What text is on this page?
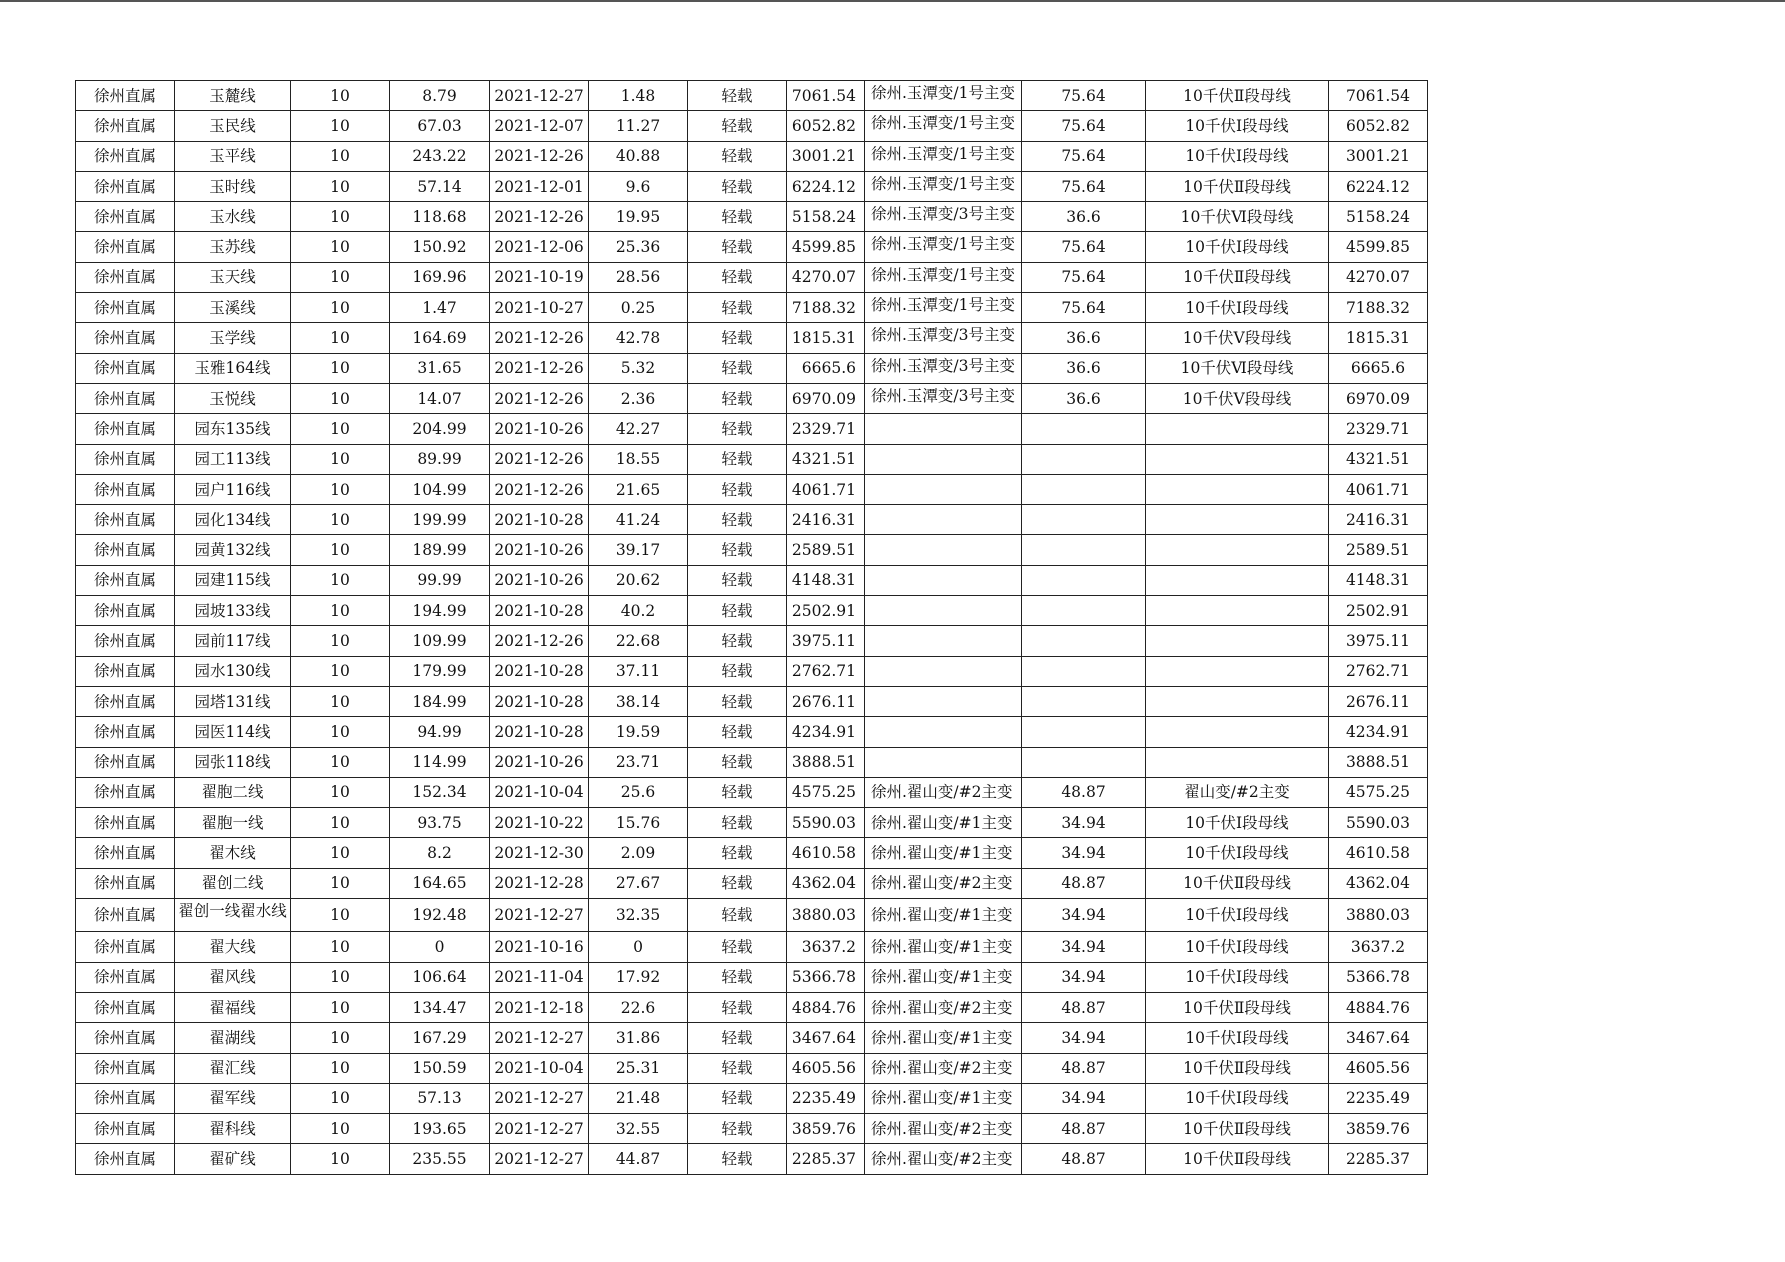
徐州直属	玉麓线	10	8.79	2021-12-27	1.48	轻载	7061.54	徐州.玉潭变/1号主变	75.64	10千伏Ⅱ段母线	7061.54
徐州直属	玉民线	10	67.03	2021-12-07	11.27	轻载	6052.82	徐州.玉潭变/1号主变	75.64	10千伏Ⅰ段母线	6052.82
徐州直属	玉平线	10	243.22	2021-12-26	40.88	轻载	3001.21	徐州.玉潭变/1号主变	75.64	10千伏Ⅰ段母线	3001.21
徐州直属	玉时线	10	57.14	2021-12-01	9.6	轻载	6224.12	徐州.玉潭变/1号主变	75.64	10千伏Ⅱ段母线	6224.12
徐州直属	玉水线	10	118.68	2021-12-26	19.95	轻载	5158.24	徐州.玉潭变/3号主变	36.6	10千伏Ⅵ段母线	5158.24
徐州直属	玉苏线	10	150.92	2021-12-06	25.36	轻载	4599.85	徐州.玉潭变/1号主变	75.64	10千伏Ⅰ段母线	4599.85
徐州直属	玉天线	10	169.96	2021-10-19	28.56	轻载	4270.07	徐州.玉潭变/1号主变	75.64	10千伏Ⅱ段母线	4270.07
徐州直属	玉溪线	10	1.47	2021-10-27	0.25	轻载	7188.32	徐州.玉潭变/1号主变	75.64	10千伏Ⅰ段母线	7188.32
徐州直属	玉学线	10	164.69	2021-12-26	42.78	轻载	1815.31	徐州.玉潭变/3号主变	36.6	10千伏Ⅴ段母线	1815.31
徐州直属	玉雅164线	10	31.65	2021-12-26	5.32	轻载	6665.6	徐州.玉潭变/3号主变	36.6	10千伏Ⅵ段母线	6665.6
徐州直属	玉悦线	10	14.07	2021-12-26	2.36	轻载	6970.09	徐州.玉潭变/3号主变	36.6	10千伏Ⅴ段母线	6970.09
徐州直属	园东135线	10	204.99	2021-10-26	42.27	轻载	2329.71				2329.71
徐州直属	园工113线	10	89.99	2021-12-26	18.55	轻载	4321.51				4321.51
徐州直属	园户116线	10	104.99	2021-12-26	21.65	轻载	4061.71				4061.71
徐州直属	园化134线	10	199.99	2021-10-28	41.24	轻载	2416.31				2416.31
徐州直属	园黄132线	10	189.99	2021-10-26	39.17	轻载	2589.51				2589.51
徐州直属	园建115线	10	99.99	2021-10-26	20.62	轻载	4148.31				4148.31
徐州直属	园坡133线	10	194.99	2021-10-28	40.2	轻载	2502.91				2502.91
徐州直属	园前117线	10	109.99	2021-12-26	22.68	轻载	3975.11				3975.11
徐州直属	园水130线	10	179.99	2021-10-28	37.11	轻载	2762.71				2762.71
徐州直属	园塔131线	10	184.99	2021-10-28	38.14	轻载	2676.11				2676.11
徐州直属	园医114线	10	94.99	2021-10-28	19.59	轻载	4234.91				4234.91
徐州直属	园张118线	10	114.99	2021-10-26	23.71	轻载	3888.51				3888.51
徐州直属	翟胞二线	10	152.34	2021-10-04	25.6	轻载	4575.25	徐州.翟山变/#2主变	48.87	翟山变/#2主变	4575.25
徐州直属	翟胞一线	10	93.75	2021-10-22	15.76	轻载	5590.03	徐州.翟山变/#1主变	34.94	10千伏Ⅰ段母线	5590.03
徐州直属	翟木线	10	8.2	2021-12-30	2.09	轻载	4610.58	徐州.翟山变/#1主变	34.94	10千伏Ⅰ段母线	4610.58
徐州直属	翟创二线	10	164.65	2021-12-28	27.67	轻载	4362.04	徐州.翟山变/#2主变	48.87	10千伏Ⅱ段母线	4362.04
徐州直属	翟创一线翟水线	10	192.48	2021-12-27	32.35	轻载	3880.03	徐州.翟山变/#1主变	34.94	10千伏Ⅰ段母线	3880.03
徐州直属	翟大线	10	0	2021-10-16	0	轻载	3637.2	徐州.翟山变/#1主变	34.94	10千伏Ⅰ段母线	3637.2
徐州直属	翟风线	10	106.64	2021-11-04	17.92	轻载	5366.78	徐州.翟山变/#1主变	34.94	10千伏Ⅰ段母线	5366.78
徐州直属	翟福线	10	134.47	2021-12-18	22.6	轻载	4884.76	徐州.翟山变/#2主变	48.87	10千伏Ⅱ段母线	4884.76
徐州直属	翟湖线	10	167.29	2021-12-27	31.86	轻载	3467.64	徐州.翟山变/#1主变	34.94	10千伏Ⅰ段母线	3467.64
徐州直属	翟汇线	10	150.59	2021-10-04	25.31	轻载	4605.56	徐州.翟山变/#2主变	48.87	10千伏Ⅱ段母线	4605.56
徐州直属	翟军线	10	57.13	2021-12-27	21.48	轻载	2235.49	徐州.翟山变/#1主变	34.94	10千伏Ⅰ段母线	2235.49
徐州直属	翟科线	10	193.65	2021-12-27	32.55	轻载	3859.76	徐州.翟山变/#2主变	48.87	10千伏Ⅱ段母线	3859.76
徐州直属	翟矿线	10	235.55	2021-12-27	44.87	轻载	2285.37	徐州.翟山变/#2主变	48.87	10千伏Ⅱ段母线	2285.37
